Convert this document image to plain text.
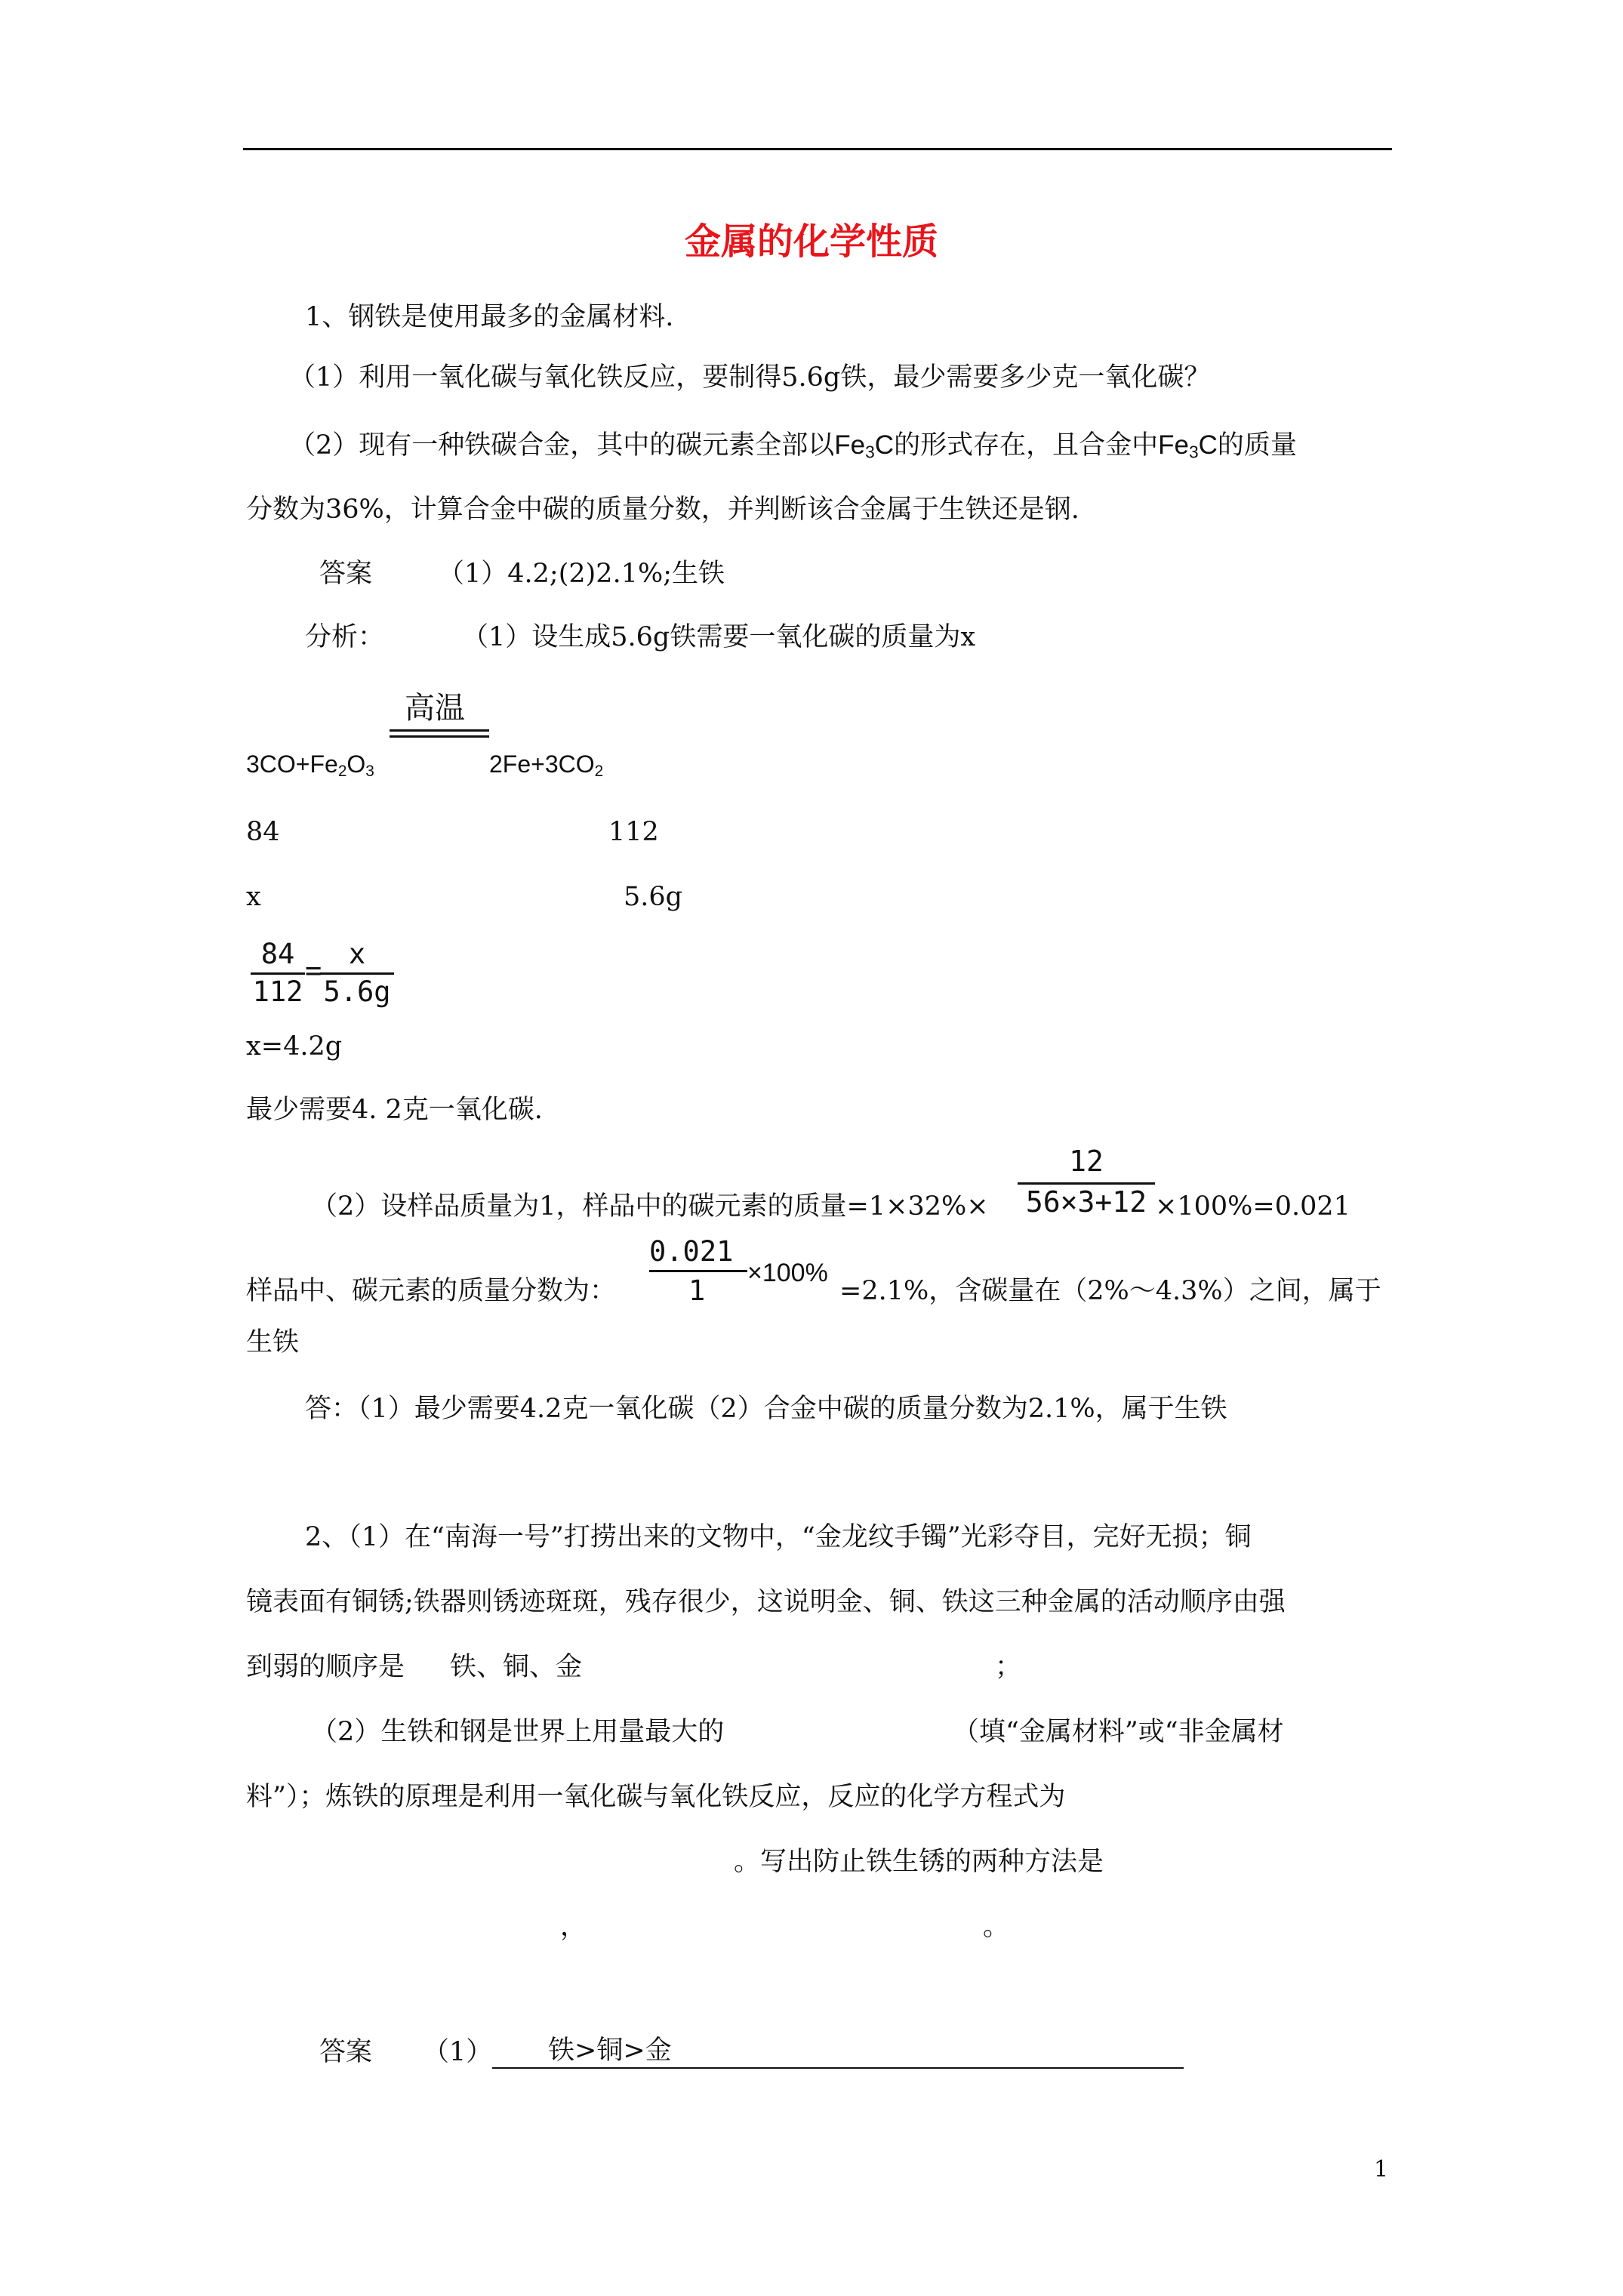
金属的化学性质
1、钢铁是使用最多的金属材料.
（1）利用一氧化碳与氧化铁反应，要制得5.6g铁，最少需要多少克一氧化碳？
（2）现有一种铁碳合金，其中的碳元素全部以$Fe_3C$的形式存在，且合金中$Fe_3C$的质量
分数为36%，计算合金中碳的质量分数，并判断该合金属于生铁还是钢.
答案 （1）4.2;(2)2.1%;生铁
分析：	（1）设生成5.6g铁需要一氧化碳的质量为x
高温
$3CO+Fe_2O_3$	$2Fe+3CO_2$
84	112
x	5.6g
84
112
=
x
5.6g
x=4.2g
最少需要4. 2克一氧化碳.
（2）设样品质量为1，样品中的碳元素的质量=1×32%×
12
56×3+12 ×100%=0.021
样品中、碳元素的质量分数为：
0.021
1
×100%
=2.1%，含碳量在（2%～4.3%）之间，属于
生铁
答：（1）最少需要4.2克一氧化碳（2）合金中碳的质量分数为2.1%，属于生铁
2、（1）在“南海一号”打捞出来的文物中，“金龙纹手镯”光彩夺目，完好无损；铜
镜表面有铜锈;铁器则锈迹斑斑，残存很少，这说明金、铜、铁这三种金属的活动顺序由强
到弱的顺序是 铁、铜、金	；
（2）生铁和钢是世界上用量最大的	（填“金属材料”或“非金属材
料”）；炼铁的原理是利用一氧化碳与氧化铁反应，反应的化学方程式为
。写出防止铁生锈的两种方法是
，	。
答案 （1） 铁>铜>金
1
